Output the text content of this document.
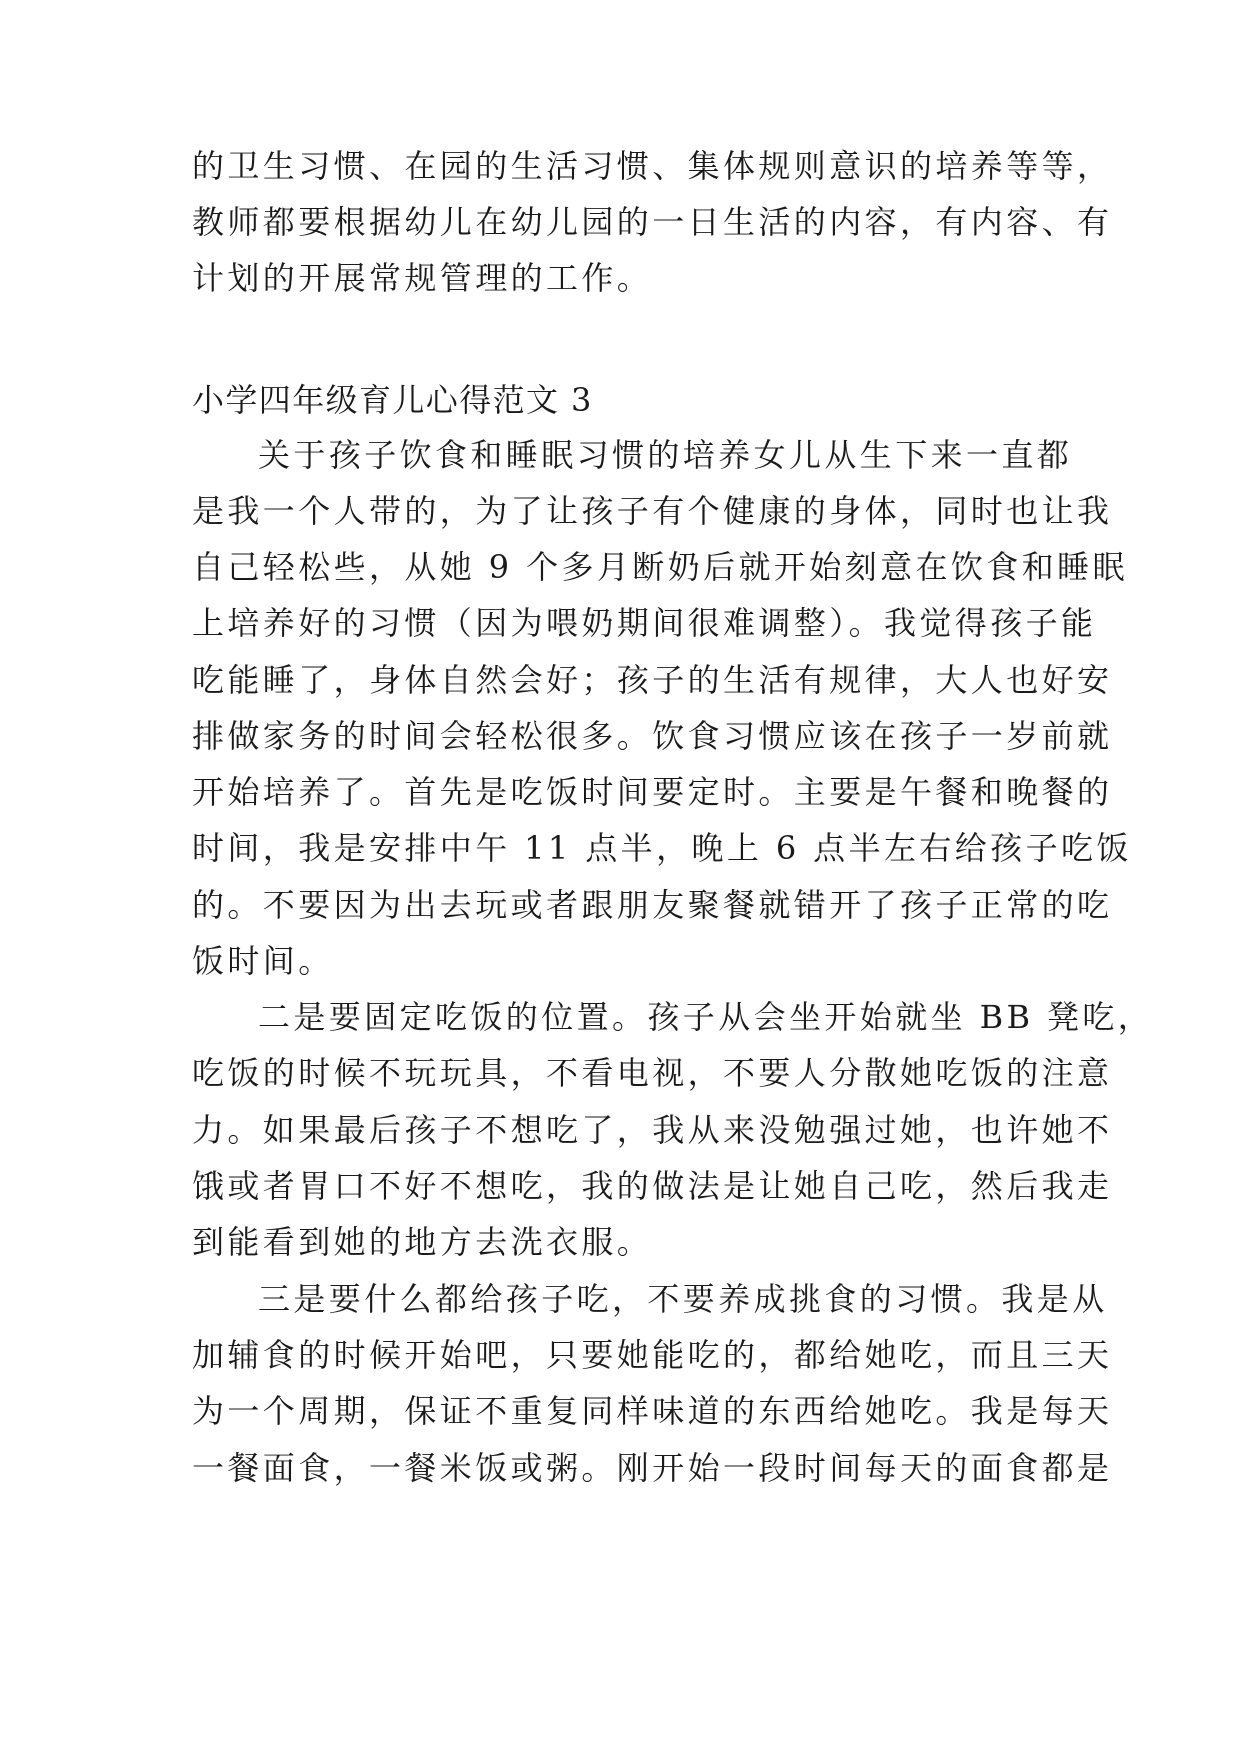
的卫生习惯、在园的生活习惯、集体规则意识的培养等等，
教师都要根据幼儿在幼儿园的一日生活的内容，有内容、有
计划的开展常规管理的工作。
小学四年级育儿心得范文 3
关于孩子饮食和睡眠习惯的培养女儿从生下来一直都
是我一个人带的，为了让孩子有个健康的身体，同时也让我
自己轻松些，从她 9 个多月断奶后就开始刻意在饮食和睡眠
上培养好的习惯（因为喂奶期间很难调整）。我觉得孩子能
吃能睡了，身体自然会好；孩子的生活有规律，大人也好安
排做家务的时间会轻松很多。饮食习惯应该在孩子一岁前就
开始培养了。首先是吃饭时间要定时。主要是午餐和晚餐的
时间，我是安排中午 11 点半，晚上 6 点半左右给孩子吃饭
的。不要因为出去玩或者跟朋友聚餐就错开了孩子正常的吃
饭时间。
二是要固定吃饭的位置。孩子从会坐开始就坐 BB 凳吃，
吃饭的时候不玩玩具，不看电视，不要人分散她吃饭的注意
力。如果最后孩子不想吃了，我从来没勉强过她，也许她不
饿或者胃口不好不想吃，我的做法是让她自己吃，然后我走
到能看到她的地方去洗衣服。
三是要什么都给孩子吃，不要养成挑食的习惯。我是从
加辅食的时候开始吧，只要她能吃的，都给她吃，而且三天
为一个周期，保证不重复同样味道的东西给她吃。我是每天
一餐面食，一餐米饭或粥。刚开始一段时间每天的面食都是
